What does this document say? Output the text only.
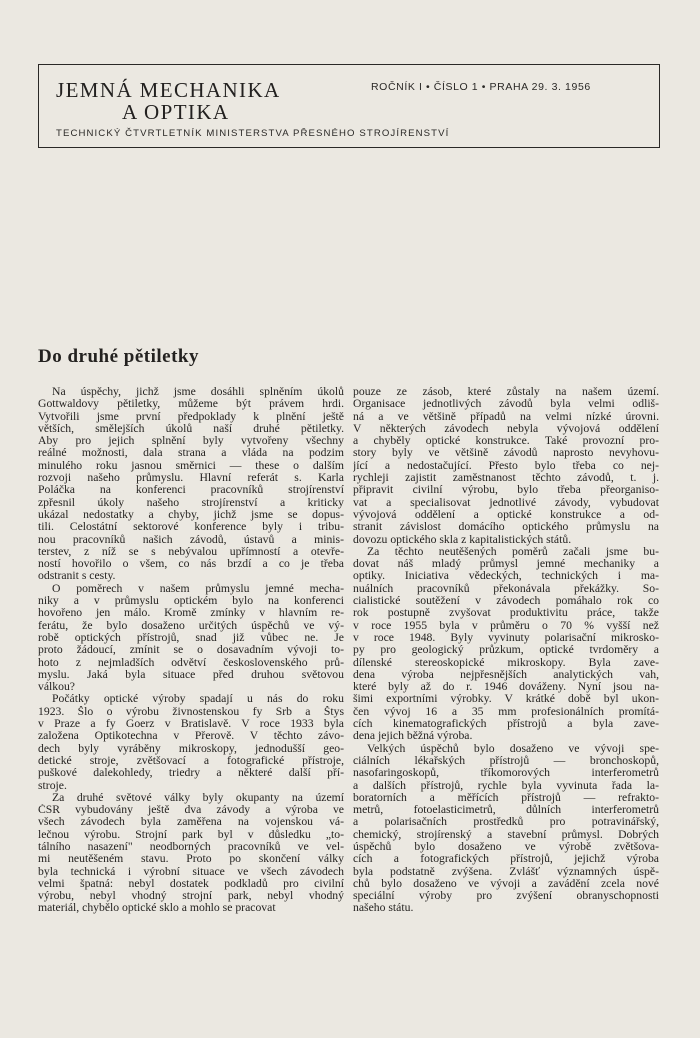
JEMNÁ MECHANIKA
A OPTIKA
ROČNÍK I • ČÍSLO 1 • PRAHA 29. 3. 1956
TECHNICKÝ ČTVRTLETNÍK MINISTERSTVA PŘESNÉHO STROJÍRENSTVÍ
Do druhé pětiletky
Na úspěchy, jichž jsme dosáhli splněním úkolů
Gottwaldovy pětiletky, můžeme být právem hrdi.
Vytvořili jsme první předpoklady k plnění ještě
větších, smělejších úkolů naší druhé pětiletky.
Aby pro jejich splnění byly vytvořeny všechny
reálné možnosti, dala strana a vláda na podzim
minulého roku jasnou směrnici — these o dalším
rozvoji našeho průmyslu. Hlavní referát s. Karla
Poláčka na konferenci pracovníků strojírenství
zpřesnil úkoly našeho strojírenství a kriticky
ukázal nedostatky a chyby, jichž jsme se dopus-
tili. Celostátní sektorové konference byly i tribu-
nou pracovníků našich závodů, ústavů a minis-
terstev, z níž se s nebývalou upřímností a otevře-
ností hovořilo o všem, co nás brzdí a co je třeba
odstranit s cesty.
O poměrech v našem průmyslu jemné mecha-
niky a v průmyslu optickém bylo na konferenci
hovořeno jen málo. Kromě zmínky v hlavním re-
ferátu, že bylo dosaženo určitých úspěchů ve vý-
robě optických přístrojů, snad již vůbec ne. Je
proto žádoucí, zmínit se o dosavadním vývoji to-
hoto z nejmladších odvětví československého prů-
myslu. Jaká byla situace před druhou světovou
válkou?
Počátky optické výroby spadají u nás do roku
1923. Šlo o výrobu živnostenskou fy Srb a Štys
v Praze a fy Goerz v Bratislavě. V roce 1933 byla
založena Optikotechna v Přerově. V těchto závo-
dech byly vyráběny mikroskopy, jednodušší geo-
detické stroje, zvětšovací a fotografické přístroje,
puškové dalekohledy, triedry a některé další pří-
stroje.
Za druhé světové války byly okupanty na území
ČSR vybudovány ještě dva závody a výroba ve
všech závodech byla zaměřena na vojenskou vá-
lečnou výrobu. Strojní park byl v důsledku „to-
tálního nasazení" neodborných pracovníků ve vel-
mi neutěšeném stavu. Proto po skončení války
byla technická i výrobní situace ve všech závodech
velmi špatná: nebyl dostatek podkladů pro civilní
výrobu, nebyl vhodný strojní park, nebyl vhodný
materiál, chybělo optické sklo a mohlo se pracovat
pouze ze zásob, které zůstaly na našem území.
Organisace jednotlivých závodů byla velmi odliš-
ná a ve většině případů na velmi nízké úrovni.
V některých závodech nebyla vývojová oddělení
a chyběly optické konstrukce. Také provozní pro-
story byly ve většině závodů naprosto nevyhovu-
jící a nedostačující. Přesto bylo třeba co nej-
rychleji zajistit zaměstnanost těchto závodů, t. j.
připravit civilní výrobu, bylo třeba přeorganiso-
vat a specialisovat jednotlivé závody, vybudovat
vývojová oddělení a optické konstrukce a od-
stranit závislost domácího optického průmyslu na
dovozu optického skla z kapitalistických států.
Za těchto neutěšených poměrů začali jsme bu-
dovat náš mladý průmysl jemné mechaniky a
optiky. Iniciativa vědeckých, technických i ma-
nuálních pracovníků překonávala překážky. So-
cialistické soutěžení v závodech pomáhalo rok co
rok postupně zvyšovat produktivitu práce, takže
v roce 1955 byla v průměru o 70 % vyšší než
v roce 1948. Byly vyvinuty polarisační mikrosko-
py pro geologický průzkum, optické tvrdoměry a
dílenské stereoskopické mikroskopy. Byla zave-
dena výroba nejpřesnějších analytických vah,
které byly až do r. 1946 dováženy. Nyní jsou na-
šimi exportními výrobky. V krátké době byl ukon-
čen vývoj 16 a 35 mm profesionálních promítá-
cích kinematografických přístrojů a byla zave-
dena jejich běžná výroba.
Velkých úspěchů bylo dosaženo ve vývoji spe-
ciálních lékařských přístrojů — bronchoskopů,
nasofaringoskopů, tříkomorových interferometrů
a dalších přístrojů, rychle byla vyvinuta řada la-
boratorních a měřících přístrojů — refrakto-
metrů, fotoelasticimetrů, důlních interferometrů
a polarisačních prostředků pro potravinářský,
chemický, strojírenský a stavební průmysl. Dobrých
úspěchů bylo dosaženo ve výrobě zvětšova-
cích a fotografických přístrojů, jejichž výroba
byla podstatně zvýšena. Zvlášť významných úspě-
chů bylo dosaženo ve vývoji a zavádění zcela nové
speciální výroby pro zvýšení obranyschopnosti
našeho státu.
